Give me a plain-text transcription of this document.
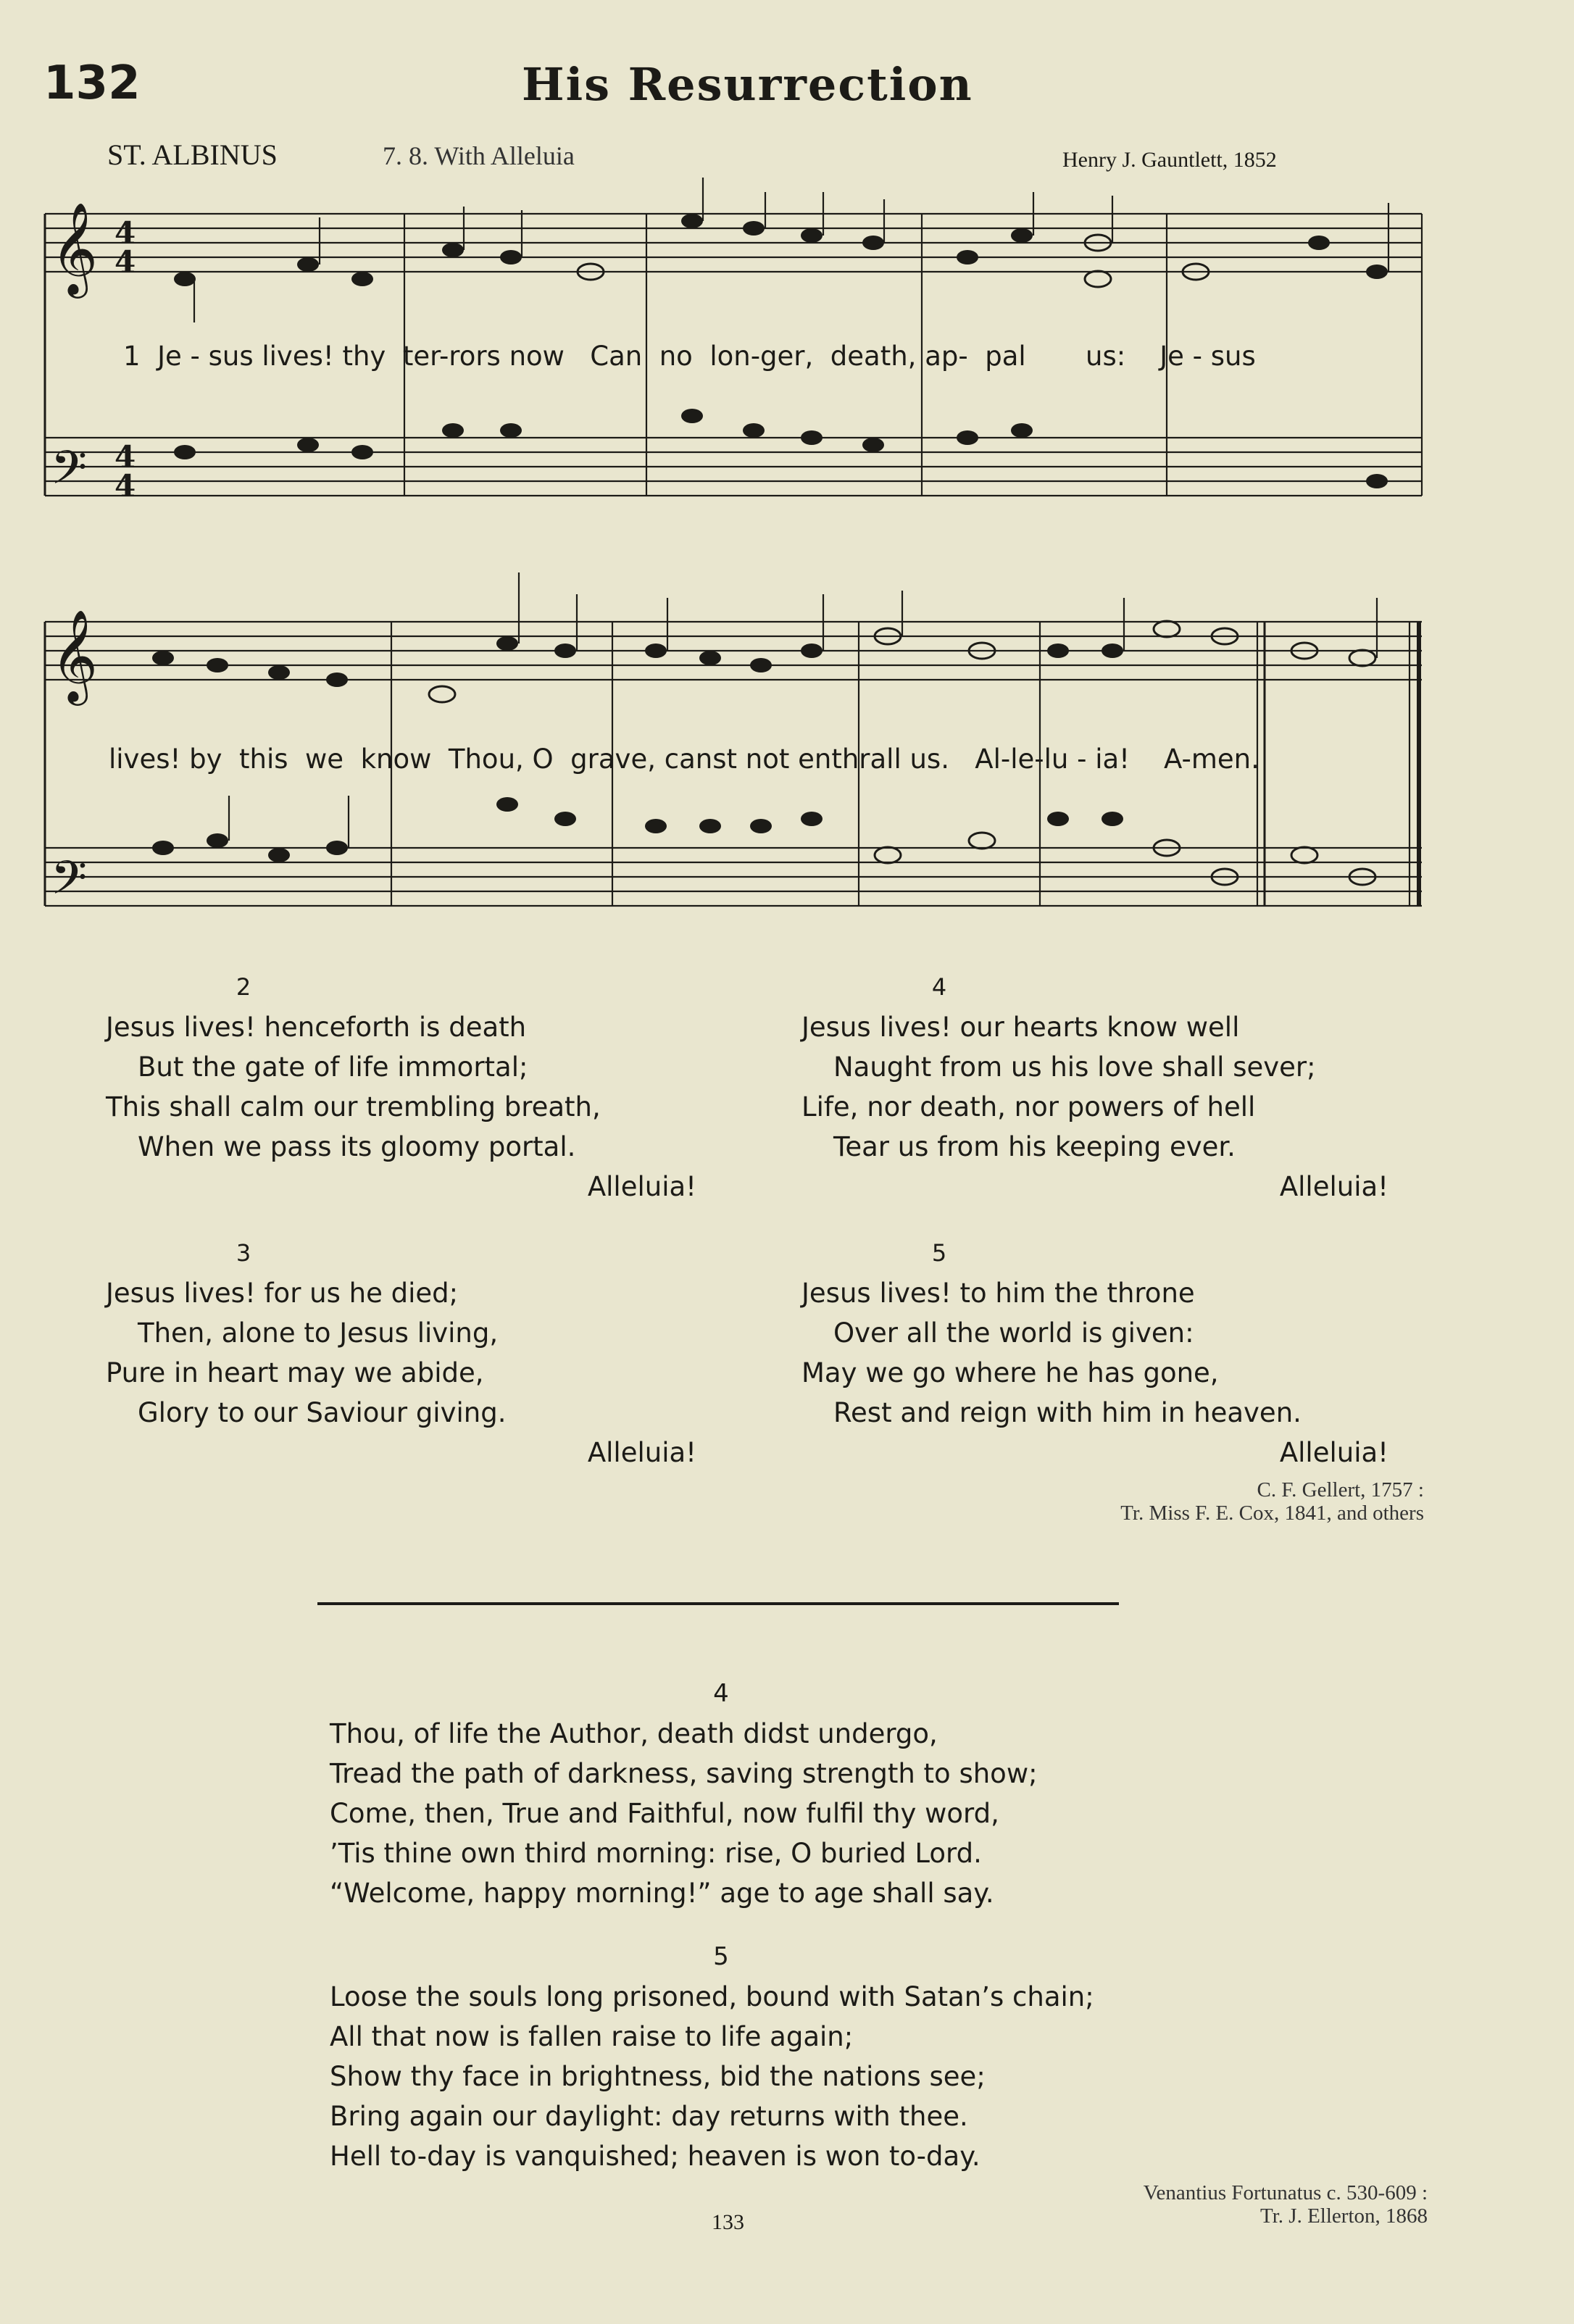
132	His Resurrection
ST. ALBINUS	7. 8. With Alleluia	Henry J. Gauntlett, 1852
𝄞
𝄢
𝄞
𝄢
4
4
4
4
1  Je - sus lives! thy  ter-rors now   Can  no  lon-ger,  death, ap-  pal       us:    Je - sus
lives! by  this  we  know  Thou, O  grave, canst not enthrall us.   Al-le-lu - ia!    A-men.
2
Jesus lives! henceforth is death
But the gate of life immortal;
This shall calm our trembling breath,
When we pass its gloomy portal.
Alleluia!
3
Jesus lives! for us he died;
Then, alone to Jesus living,
Pure in heart may we abide,
Glory to our Saviour giving.
Alleluia!
4
Jesus lives! our hearts know well
Naught from us his love shall sever;
Life, nor death, nor powers of hell
Tear us from his keeping ever.
Alleluia!
5
Jesus lives! to him the throne
Over all the world is given:
May we go where he has gone,
Rest and reign with him in heaven.
Alleluia!
C. F. Gellert, 1757 :
Tr. Miss F. E. Cox, 1841, and others
4
Thou, of life the Author, death didst undergo,
Tread the path of darkness, saving strength to show;
Come, then, True and Faithful, now fulfil thy word,
’Tis thine own third morning: rise, O buried Lord.
“Welcome, happy morning!” age to age shall say.
5
Loose the souls long prisoned, bound with Satan’s chain;
All that now is fallen raise to life again;
Show thy face in brightness, bid the nations see;
Bring again our daylight: day returns with thee.
Hell to-day is vanquished; heaven is won to-day.
Venantius Fortunatus c. 530-609 :
Tr. J. Ellerton, 1868
133
